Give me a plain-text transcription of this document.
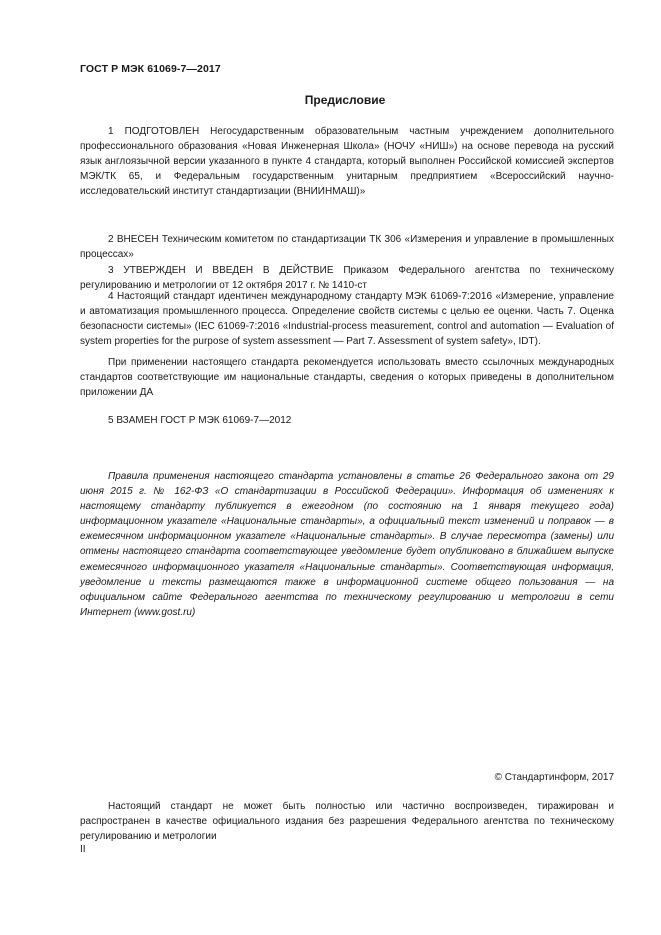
ГОСТ Р МЭК 61069-7—2017
Предисловие

1 ПОДГОТОВЛЕН Негосударственным образовательным частным учреждением дополнительного профессионального образования «Новая Инженерная Школа» (НОЧУ «НИШ») на основе перевода на русский язык англоязычной версии указанного в пункте 4 стандарта, который выполнен Российской комиссией экспертов МЭК/ТК 65, и Федеральным государственным унитарным предприятием «Всероссийский научно-исследовательский институт стандартизации (ВНИИНМАШ)»

2 ВНЕСЕН Техническим комитетом по стандартизации ТК 306 «Измерения и управление в промышленных процессах»

3 УТВЕРЖДЕН И ВВЕДЕН В ДЕЙСТВИЕ Приказом Федерального агентства по техническому регулированию и метрологии от 12 октября 2017 г. № 1410-ст

4 Настоящий стандарт идентичен международному стандарту МЭК 61069-7:2016 «Измерение, управление и автоматизация промышленного процесса. Определение свойств системы с целью ее оценки. Часть 7. Оценка безопасности системы» (IEC 61069-7:2016 «Industrial-process measurement, control and automation — Evaluation of system properties for the purpose of system assessment — Part 7. Assessment of system safety», IDT).

При применении настоящего стандарта рекомендуется использовать вместо ссылочных международных стандартов соответствующие им национальные стандарты, сведения о которых приведены в дополнительном приложении ДА

5 ВЗАМЕН ГОСТ Р МЭК 61069-7—2012

Правила применения настоящего стандарта установлены в статье 26 Федерального закона от 29 июня 2015 г. № 162-ФЗ «О стандартизации в Российской Федерации». Информация об изменениях к настоящему стандарту публикуется в ежегодном (по состоянию на 1 января текущего года) информационном указателе «Национальные стандарты», а официальный текст изменений и поправок — в ежемесячном информационном указателе «Национальные стандарты». В случае пересмотра (замены) или отмены настоящего стандарта соответствующее уведомление будет опубликовано в ближайшем выпуске ежемесячного информационного указателя «Национальные стандарты». Соответствующая информация, уведомление и тексты размещаются также в информационной системе общего пользования — на официальном сайте Федерального агентства по техническому регулированию и метрологии в сети Интернет (www.gost.ru)

© Стандартинформ, 2017

Настоящий стандарт не может быть полностью или частично воспроизведен, тиражирован и распространен в качестве официального издания без разрешения Федерального агентства по техническому регулированию и метрологии

II
